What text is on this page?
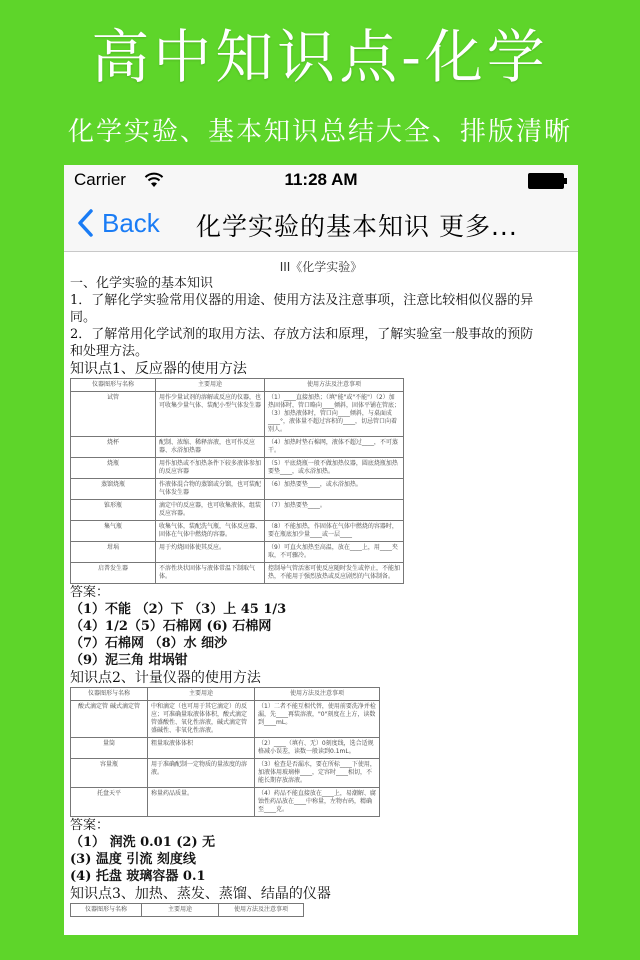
高中知识点-化学
化学实验、基本知识总结大全、排版清晰
Carrier	11:28 AM
Back 化学实验的基本知识 更多...
III《化学实验》
一、化学实验的基本知识
1．了解化学实验常用仪器的用途、使用方法及注意事项，注意比较相似仪器的异
同。
2．了解常用化学试剂的取用方法、存放方法和原理，了解实验室一般事故的预防
和处理方法。
知识点1、反应器的使用方法
仪器图形与名称	主要用途	使用方法及注意事项
试管	用作少量试剂的溶解或反应的仪器，也可收集少量气体、装配小型气体发生器	（1）____直接加热；（填"能"或"不能"）（2）加热固体时，管口略向____倾斜，固体平铺在管底；（3）加热液体时，管口向____倾斜，与桌面成____°，液体量不超过容积的____，切忌管口向着别人。
烧杯	配制、浓缩、稀释溶液，也可作反应器、水浴加热器	（4）加热时垫石棉网，液体不超过____，不可蒸干。
烧瓶	用作加热或不加热条件下较多液体参加的反应容器	（5）平底烧瓶一般不做加热仪器，圆底烧瓶加热要垫____，或水浴加热。
蒸馏烧瓶	作液体混合物的蒸馏或分馏，也可装配气体发生器	（6）加热要垫____，或水浴加热。
锥形瓶	滴定中的反应器，也可收集液体，组装反应容器。	（7）加热要垫____。
集气瓶	收集气体，装配洗气瓶，气体反应器、固体在气体中燃烧的容器。	（8）不能加热，作固体在气体中燃烧的容器时，要在瓶底加少量____或一层____
坩埚	用于灼烧固体使其反应。	（9）可直火加热至高温，放在____上，用____夹取，不可骤冷。
启普发生器	不溶性块状固体与液体常温下制取气体。	控制导气管活塞可使反应随时发生或停止，不能加热，不能用于强烈放热或反应剧烈的气体制备。
答案：
（1）不能 （2）下 （3）上 45 1/3
（4）1/2（5）石棉网 (6) 石棉网
（7）石棉网 （8）水 细沙
（9）泥三角 坩埚钳
知识点2、计量仪器的使用方法
仪器图形与名称	主要用途	使用方法及注意事项
酸式滴定管 碱式滴定管	中和滴定（也可用于其它滴定）的反应；可准确量取液体体积，酸式滴定管盛酸性、氧化性溶液，碱式滴定管盛碱性、非氧化性溶液。	（1）二者不能互相代替，使用前要洗净并检漏，先____再装溶液，"0"刻度在上方，读数到____mL。
量筒	粗量取液体体积	（2）____（填有、无）0刻度线，选合适规格减小误差，读数一般读到0.1mL。
容量瓶	用于准确配制一定物质的量浓度的溶液。	（3）检查是否漏水，要在所标____下使用，加液体用玻璃棒____，定容时____相切，不能长期存放溶液。
托盘天平	称量药品质量。	（4）药品不能直接放在____上，易潮解、腐蚀性药品放在____中称量，左物右码，精确至____克。
答案：
（1） 润洗 0.01 (2) 无
(3) 温度 引流 刻度线
(4) 托盘 玻璃容器 0.1
知识点3、加热、蒸发、蒸馏、结晶的仪器
仪器图形与名称	主要用途	使用方法及注意事项
